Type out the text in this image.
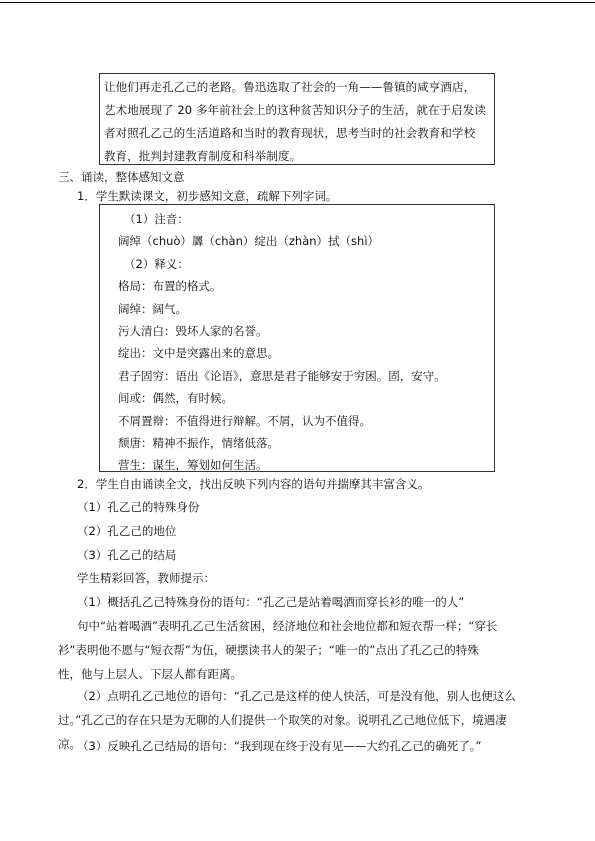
让他们再走孔乙己的老路。鲁迅选取了社会的一角——鲁镇的咸亨酒店，
艺术地展现了 20 多年前社会上的这种贫苦知识分子的生活，就在于启发读
者对照孔乙己的生活道路和当时的教育现状，思考当时的社会教育和学校
教育，批判封建教育制度和科举制度。
三、诵读，整体感知文意
1．学生默读课文，初步感知文意，疏解下列字词。
（1）注音：
阔绰（chuò）羼（chàn）绽出（zhàn）拭（shì）
（2）释义：
格局：布置的格式。
阔绰：阔气。
污人清白：毁坏人家的名誉。
绽出：文中是突露出来的意思。
君子固穷：语出《论语》，意思是君子能够安于穷困。固，安守。
间或：偶然，有时候。
不屑置辩：不值得进行辩解。不屑，认为不值得。
颓唐：精神不振作，情绪低落。
营生：谋生，筹划如何生活。
2．学生自由诵读全文，找出反映下列内容的语句并揣摩其丰富含义。
（1）孔乙己的特殊身份
（2）孔乙己的地位
（3）孔乙己的结局
学生精彩回答，教师提示：
（1）概括孔乙己特殊身份的语句：“孔乙己是站着喝酒而穿长衫的唯一的人”
句中“站着喝酒”表明孔乙己生活贫困，经济地位和社会地位都和短衣帮一样；“穿长
衫”表明他不愿与“短衣帮”为伍，硬摆读书人的架子；“唯一的”点出了孔乙己的特殊
性，他与上层人、下层人都有距离。
（2）点明孔乙己地位的语句：“孔乙己是这样的使人快活，可是没有他，别人也便这么
过。”孔乙己的存在只是为无聊的人们提供一个取笑的对象。说明孔乙己地位低下，境遇凄
凉。
（3）反映孔乙己结局的语句：“我到现在终于没有见——大约孔乙己的确死了。”
